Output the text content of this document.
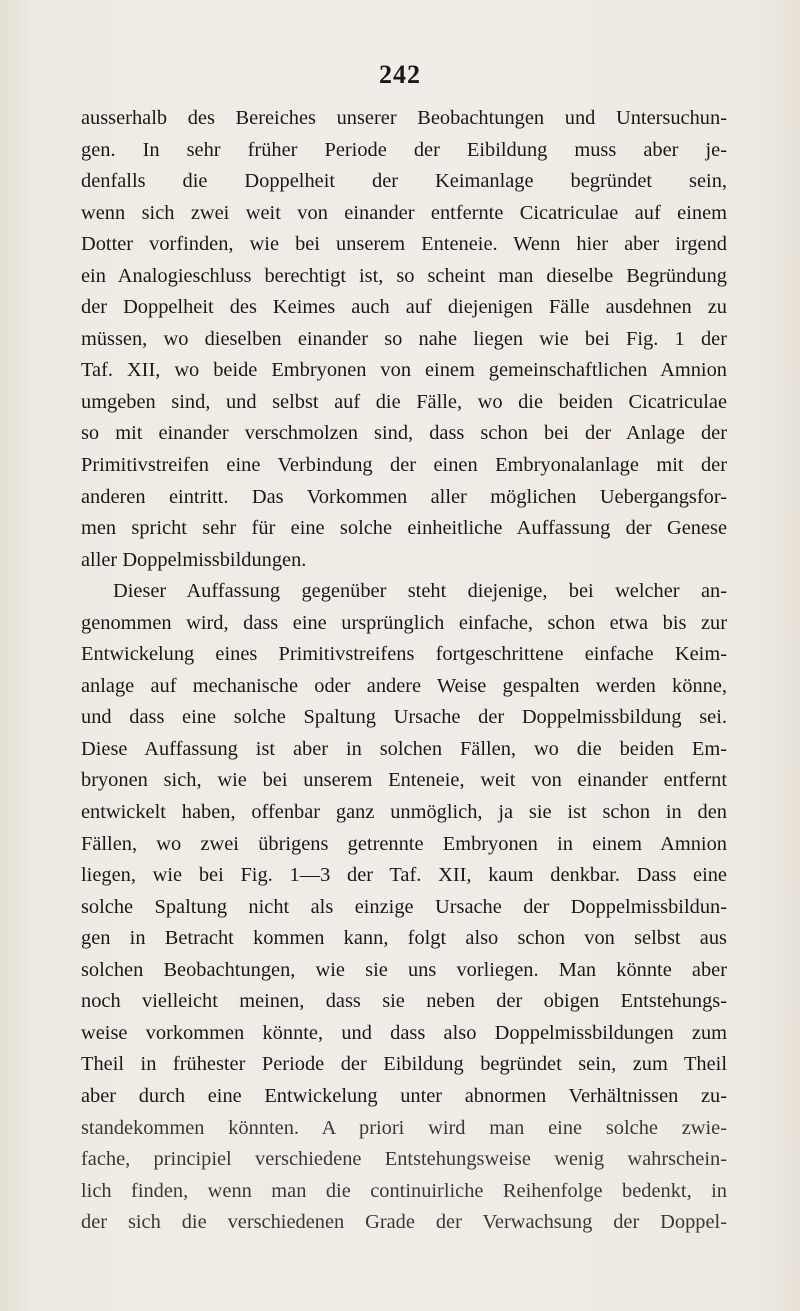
242
ausserhalb des Bereiches unserer Beobachtungen und Untersuchun-
gen. In sehr früher Periode der Eibildung muss aber je-
denfalls die Doppelheit der Keimanlage begründet sein,
wenn sich zwei weit von einander entfernte Cicatriculae auf einem
Dotter vorfinden, wie bei unserem Enteneie. Wenn hier aber irgend
ein Analogieschluss berechtigt ist, so scheint man dieselbe Begründung
der Doppelheit des Keimes auch auf diejenigen Fälle ausdehnen zu
müssen, wo dieselben einander so nahe liegen wie bei Fig. 1 der
Taf. XII, wo beide Embryonen von einem gemeinschaftlichen Amnion
umgeben sind, und selbst auf die Fälle, wo die beiden Cicatriculae
so mit einander verschmolzen sind, dass schon bei der Anlage der
Primitivstreifen eine Verbindung der einen Embryonalanlage mit der
anderen eintritt. Das Vorkommen aller möglichen Uebergangsfor-
men spricht sehr für eine solche einheitliche Auffassung der Genese
aller Doppelmissbildungen.
Dieser Auffassung gegenüber steht diejenige, bei welcher an-
genommen wird, dass eine ursprünglich einfache, schon etwa bis zur
Entwickelung eines Primitivstreifens fortgeschrittene einfache Keim-
anlage auf mechanische oder andere Weise gespalten werden könne,
und dass eine solche Spaltung Ursache der Doppelmissbildung sei.
Diese Auffassung ist aber in solchen Fällen, wo die beiden Em-
bryonen sich, wie bei unserem Enteneie, weit von einander entfernt
entwickelt haben, offenbar ganz unmöglich, ja sie ist schon in den
Fällen, wo zwei übrigens getrennte Embryonen in einem Amnion
liegen, wie bei Fig. 1—3 der Taf. XII, kaum denkbar. Dass eine
solche Spaltung nicht als einzige Ursache der Doppelmissbildun-
gen in Betracht kommen kann, folgt also schon von selbst aus
solchen Beobachtungen, wie sie uns vorliegen. Man könnte aber
noch vielleicht meinen, dass sie neben der obigen Entstehungs-
weise vorkommen könnte, und dass also Doppelmissbildungen zum
Theil in frühester Periode der Eibildung begründet sein, zum Theil
aber durch eine Entwickelung unter abnormen Verhältnissen zu-
standekommen könnten. A priori wird man eine solche zwie-
fache, principiel verschiedene Entstehungsweise wenig wahrschein-
lich finden, wenn man die continuirliche Reihenfolge bedenkt, in
der sich die verschiedenen Grade der Verwachsung der Doppel-
